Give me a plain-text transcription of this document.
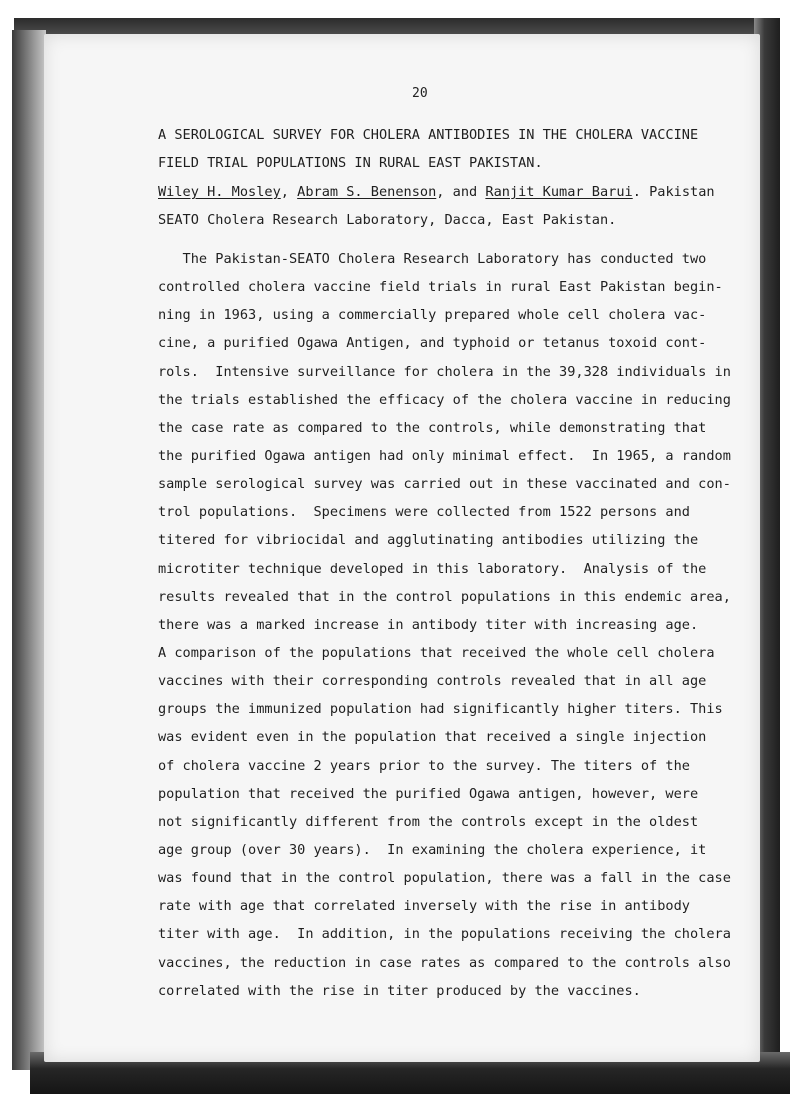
20
A SEROLOGICAL SURVEY FOR CHOLERA ANTIBODIES IN THE CHOLERA VACCINE
FIELD TRIAL POPULATIONS IN RURAL EAST PAKISTAN.
Wiley H. Mosley, Abram S. Benenson, and Ranjit Kumar Barui. Pakistan
SEATO Cholera Research Laboratory, Dacca, East Pakistan.
The Pakistan-SEATO Cholera Research Laboratory has conducted two
controlled cholera vaccine field trials in rural East Pakistan begin-
ning in 1963, using a commercially prepared whole cell cholera vac-
cine, a purified Ogawa Antigen, and typhoid or tetanus toxoid cont-
rols.  Intensive surveillance for cholera in the 39,328 individuals in
the trials established the efficacy of the cholera vaccine in reducing
the case rate as compared to the controls, while demonstrating that
the purified Ogawa antigen had only minimal effect.  In 1965, a random
sample serological survey was carried out in these vaccinated and con-
trol populations.  Specimens were collected from 1522 persons and
titered for vibriocidal and agglutinating antibodies utilizing the
microtiter technique developed in this laboratory.  Analysis of the
results revealed that in the control populations in this endemic area,
there was a marked increase in antibody titer with increasing age.
A comparison of the populations that received the whole cell cholera
vaccines with their corresponding controls revealed that in all age
groups the immunized population had significantly higher titers. This
was evident even in the population that received a single injection
of cholera vaccine 2 years prior to the survey. The titers of the
population that received the purified Ogawa antigen, however, were
not significantly different from the controls except in the oldest
age group (over 30 years).  In examining the cholera experience, it
was found that in the control population, there was a fall in the case
rate with age that correlated inversely with the rise in antibody
titer with age.  In addition, in the populations receiving the cholera
vaccines, the reduction in case rates as compared to the controls also
correlated with the rise in titer produced by the vaccines.
